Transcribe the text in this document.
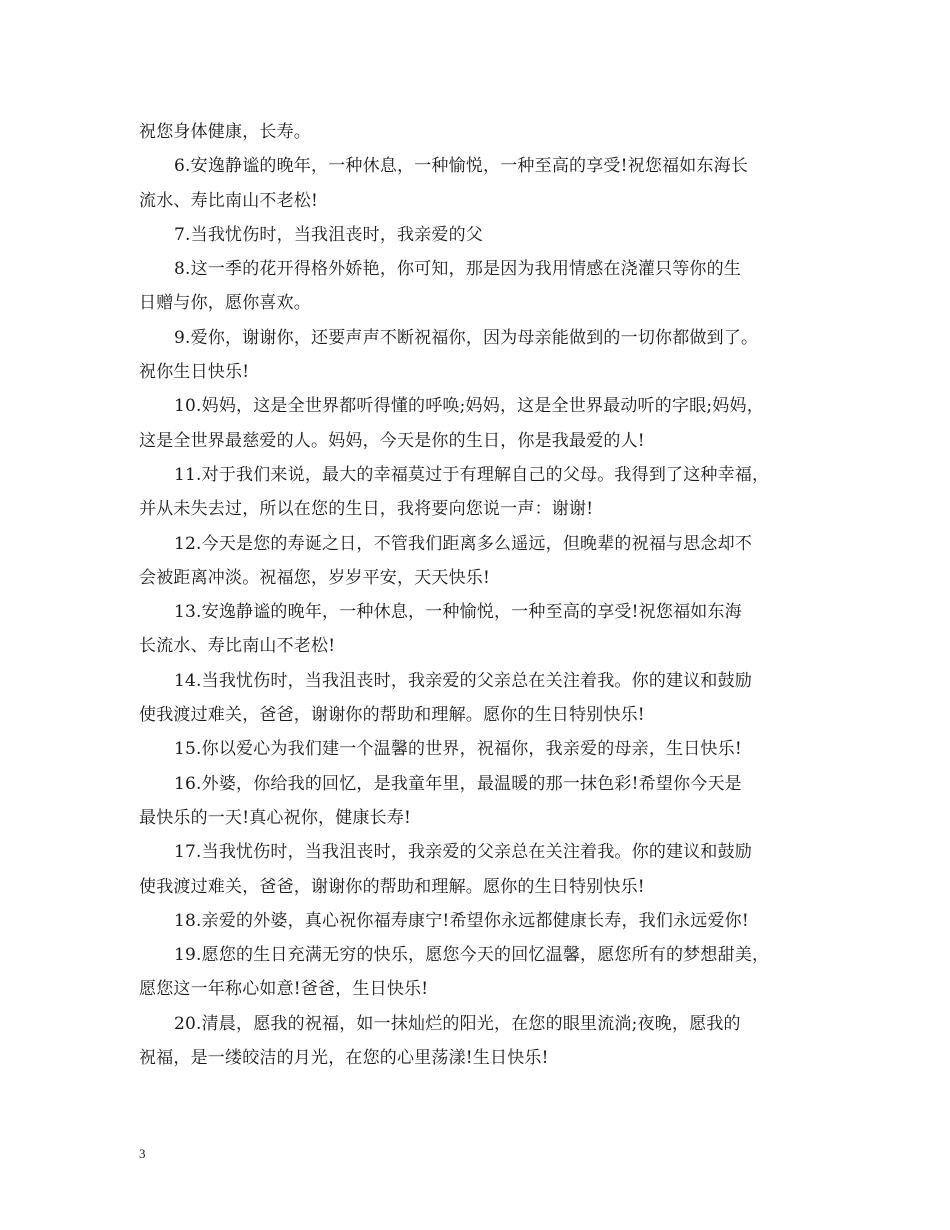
祝您身体健康，长寿。
6.安逸静谧的晚年，一种休息，一种愉悦，一种至高的享受!祝您福如东海长
流水、寿比南山不老松!
7.当我忧伤时，当我沮丧时，我亲爱的父
8.这一季的花开得格外娇艳，你可知，那是因为我用情感在浇灌只等你的生
日赠与你，愿你喜欢。
9.爱你，谢谢你，还要声声不断祝福你，因为母亲能做到的一切你都做到了。
祝你生日快乐!
10.妈妈，这是全世界都听得懂的呼唤;妈妈，这是全世界最动听的字眼;妈妈，
这是全世界最慈爱的人。妈妈，今天是你的生日，你是我最爱的人!
11.对于我们来说，最大的幸福莫过于有理解自己的父母。我得到了这种幸福，
并从未失去过，所以在您的生日，我将要向您说一声：谢谢!
12.今天是您的寿诞之日，不管我们距离多么遥远，但晚辈的祝福与思念却不
会被距离冲淡。祝福您，岁岁平安，天天快乐!
13.安逸静谧的晚年，一种休息，一种愉悦，一种至高的享受!祝您福如东海
长流水、寿比南山不老松!
14.当我忧伤时，当我沮丧时，我亲爱的父亲总在关注着我。你的建议和鼓励
使我渡过难关，爸爸，谢谢你的帮助和理解。愿你的生日特别快乐!
15.你以爱心为我们建一个温馨的世界，祝福你，我亲爱的母亲，生日快乐!
16.外婆，你给我的回忆，是我童年里，最温暖的那一抹色彩!希望你今天是
最快乐的一天!真心祝你，健康长寿!
17.当我忧伤时，当我沮丧时，我亲爱的父亲总在关注着我。你的建议和鼓励
使我渡过难关，爸爸，谢谢你的帮助和理解。愿你的生日特别快乐!
18.亲爱的外婆，真心祝你福寿康宁!希望你永远都健康长寿，我们永远爱你!
19.愿您的生日充满无穷的快乐，愿您今天的回忆温馨，愿您所有的梦想甜美，
愿您这一年称心如意!爸爸，生日快乐!
20.清晨，愿我的祝福，如一抹灿烂的阳光，在您的眼里流淌;夜晚，愿我的
祝福，是一缕皎洁的月光，在您的心里荡漾!生日快乐!
3
